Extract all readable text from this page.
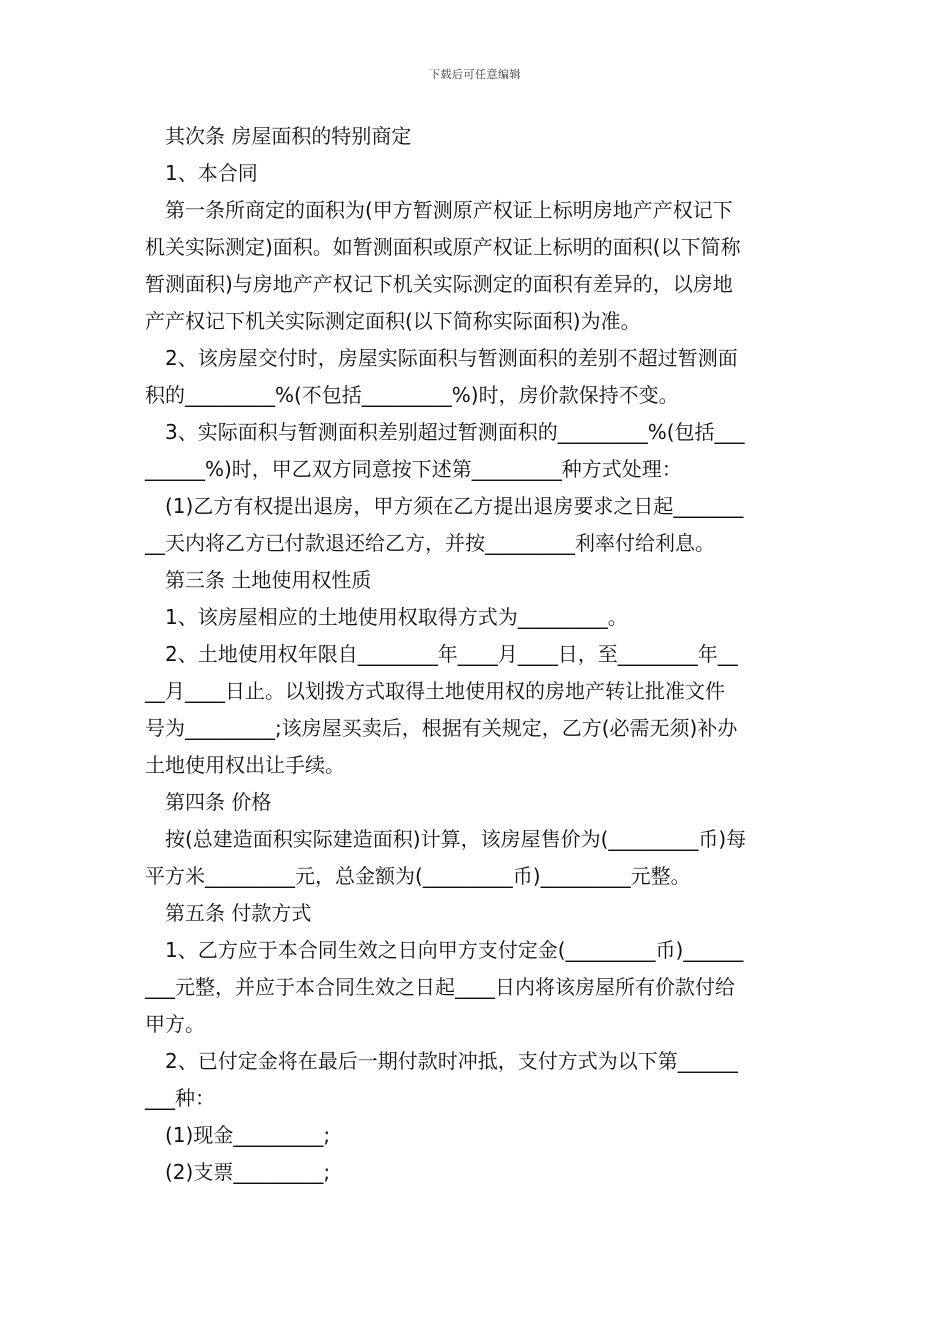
下载后可任意编辑
其次条 房屋面积的特别商定
1、本合同
第一条所商定的面积为(甲方暂测原产权证上标明房地产产权记下
机关实际测定)面积。如暂测面积或原产权证上标明的面积(以下简称
暂测面积)与房地产产权记下机关实际测定的面积有差异的，以房地
产产权记下机关实际测定面积(以下简称实际面积)为准。
2、该房屋交付时，房屋实际面积与暂测面积的差别不超过暂测面
积的_________%(不包括_________%)时，房价款保持不变。
3、实际面积与暂测面积差别超过暂测面积的_________%(包括___
______%)时，甲乙双方同意按下述第_________种方式处理：
(1)乙方有权提出退房，甲方须在乙方提出退房要求之日起_______
__天内将乙方已付款退还给乙方，并按_________利率付给利息。
第三条 土地使用权性质
1、该房屋相应的土地使用权取得方式为_________。
2、土地使用权年限自________年____月____日，至________年__
__月____日止。以划拨方式取得土地使用权的房地产转让批准文件
号为_________;该房屋买卖后，根据有关规定，乙方(必需无须)补办
土地使用权出让手续。
第四条 价格
按(总建造面积实际建造面积)计算，该房屋售价为(_________币)每
平方米_________元，总金额为(_________币)_________元整。
第五条 付款方式
1、乙方应于本合同生效之日向甲方支付定金(_________币)______
___元整，并应于本合同生效之日起____日内将该房屋所有价款付给
甲方。
2、已付定金将在最后一期付款时冲抵，支付方式为以下第______
___种：
(1)现金_________;
(2)支票_________;
